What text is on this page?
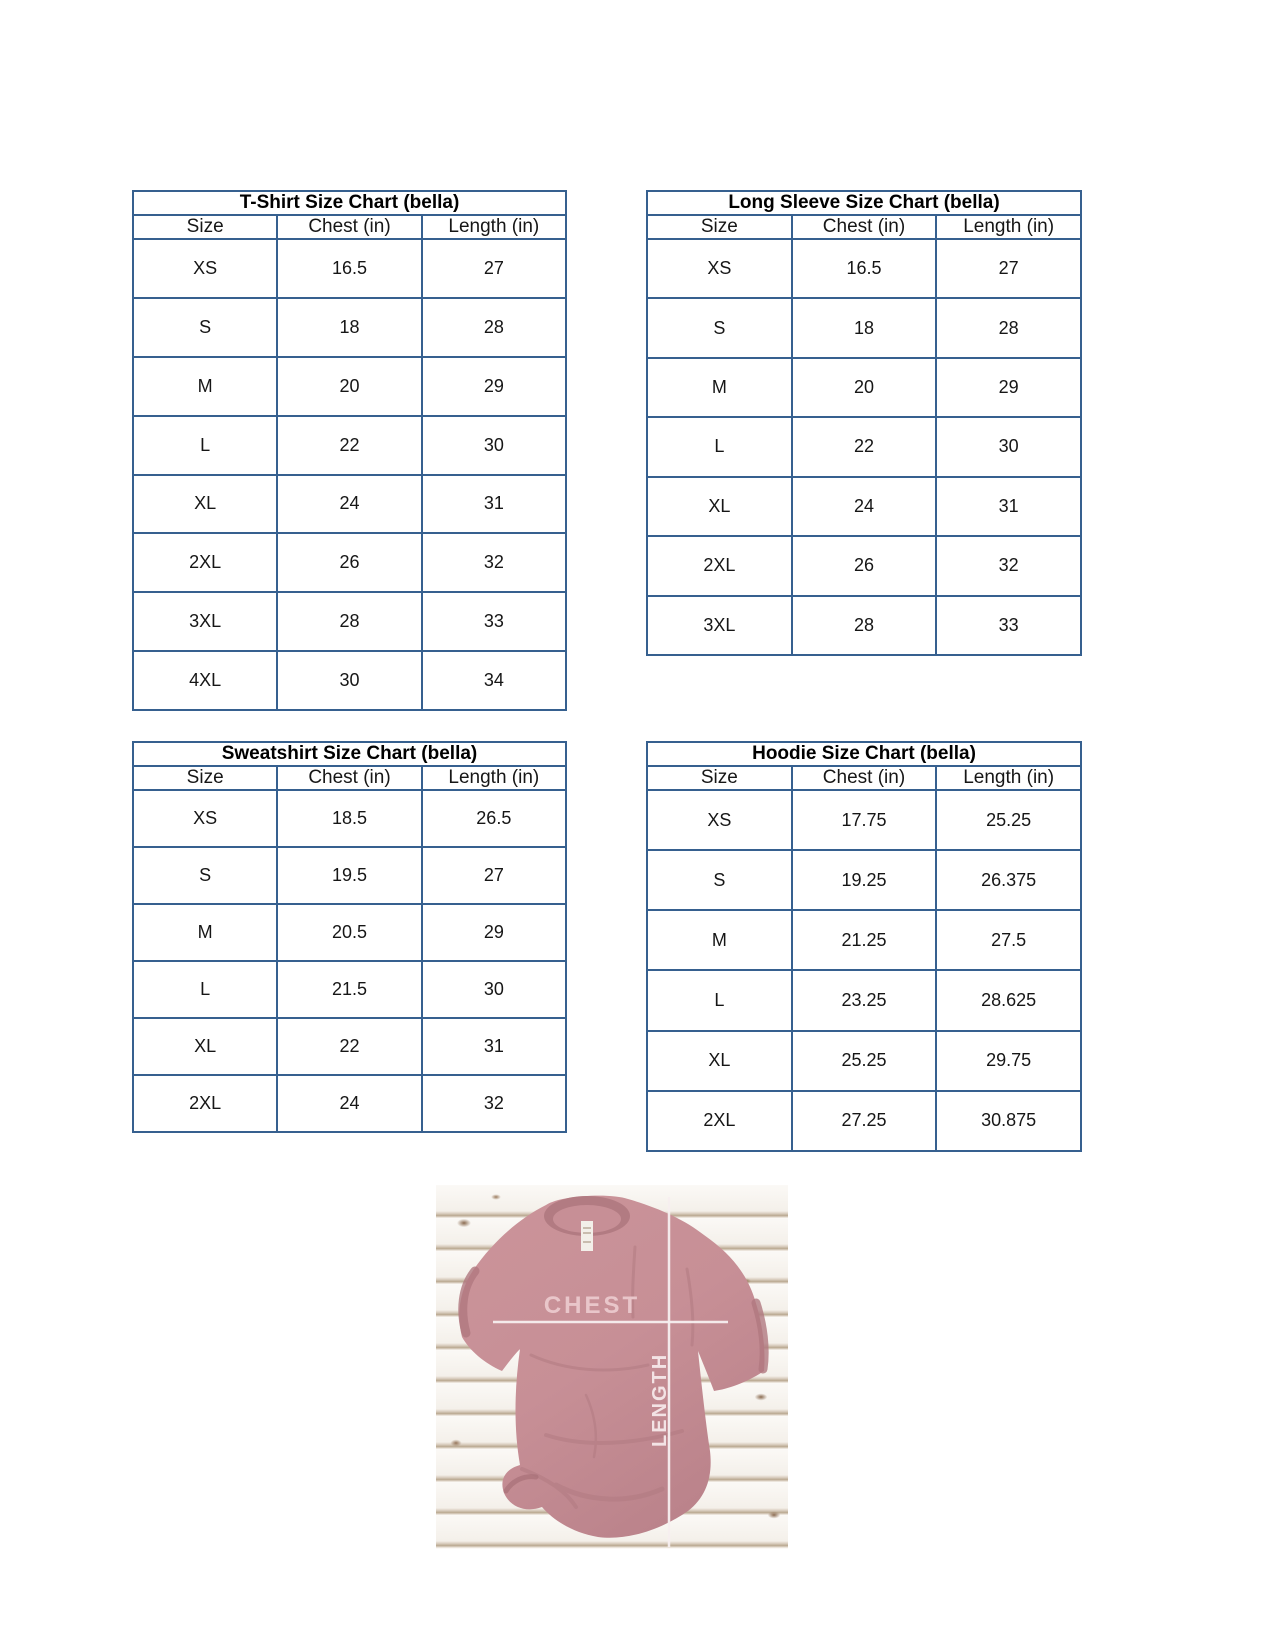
T-Shirt Size Chart (bella)		
Size	Chest (in)	Length (in)
XS	16.5	27
S	18	28
M	20	29
L	22	30
XL	24	31
2XL	26	32
3XL	28	33
4XL	30	34
Long Sleeve Size Chart (bella)		
Size	Chest (in)	Length (in)
XS	16.5	27
S	18	28
M	20	29
L	22	30
XL	24	31
2XL	26	32
3XL	28	33
Sweatshirt Size Chart (bella)		
Size	Chest (in)	Length (in)
XS	18.5	26.5
S	19.5	27
M	20.5	29
L	21.5	30
XL	22	31
2XL	24	32
Hoodie Size Chart (bella)		
Size	Chest (in)	Length (in)
XS	17.75	25.25
S	19.25	26.375
M	21.25	27.5
L	23.25	28.625
XL	25.25	29.75
2XL	27.25	30.875
CHEST
LENGTH
